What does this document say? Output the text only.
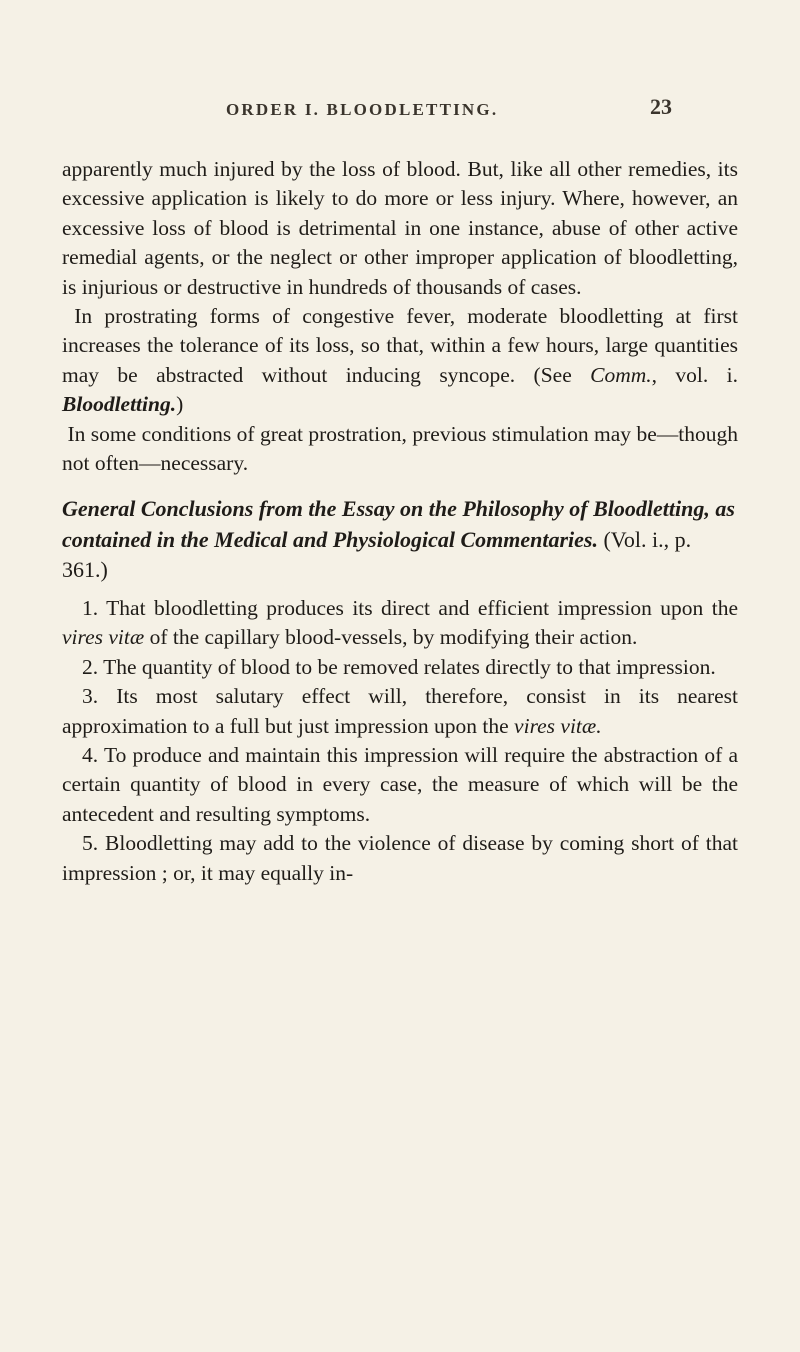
ORDER I. BLOODLETTING.	23

apparently much injured by the loss of blood. But, like all other remedies, its excessive application is likely to do more or less injury. Where, however, an excessive loss of blood is detrimental in one instance, abuse of other active remedial agents, or the neglect or other improper application of bloodletting, is injurious or destructive in hundreds of thousands of cases.

In prostrating forms of congestive fever, moderate bloodletting at first increases the tolerance of its loss, so that, within a few hours, large quantities may be abstracted without inducing syncope. (See Comm., vol. i. Bloodletting.)

In some conditions of great prostration, previous stimulation may be—though not often—necessary.

General Conclusions from the Essay on the Philosophy of Bloodletting, as contained in the Medical and Physiological Commentaries. (Vol. i., p. 361.)

1. That bloodletting produces its direct and efficient impression upon the vires vitæ of the capillary blood-vessels, by modifying their action.

2. The quantity of blood to be removed relates directly to that impression.

3. Its most salutary effect will, therefore, consist in its nearest approximation to a full but just impression upon the vires vitæ.

4. To produce and maintain this impression will require the abstraction of a certain quantity of blood in every case, the measure of which will be the antecedent and resulting symptoms.

5. Bloodletting may add to the violence of disease by coming short of that impression ; or, it may equally in-
